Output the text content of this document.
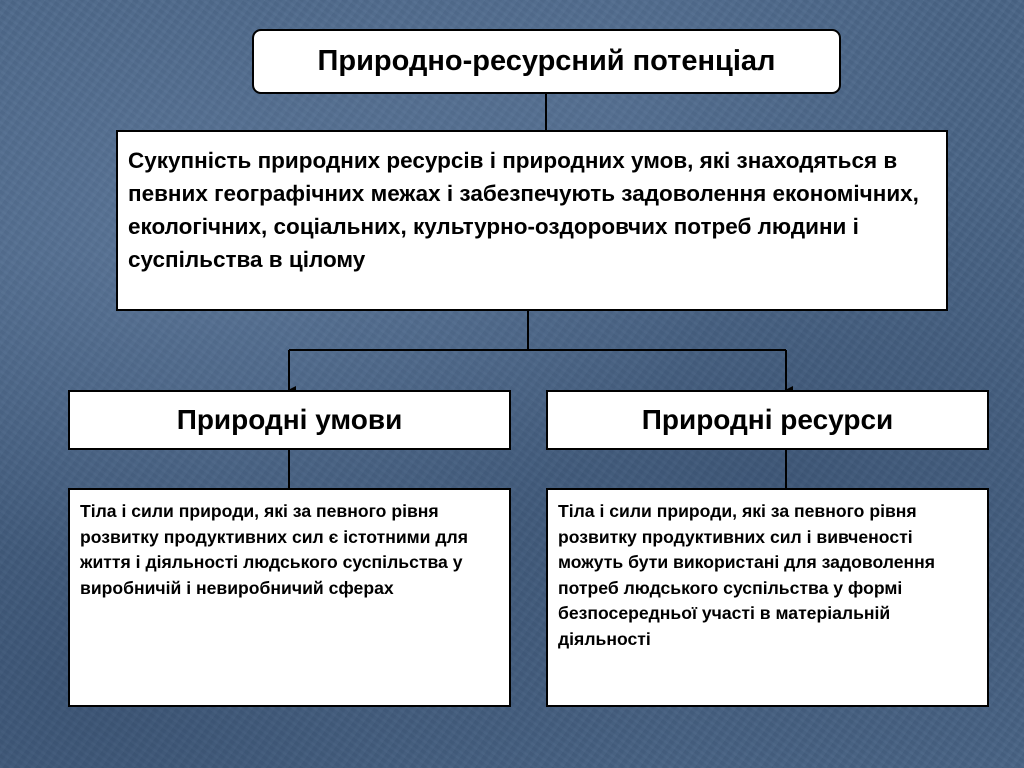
Природно-ресурсний потенціал
Сукупність природних ресурсів і природних умов, які знаходяться в певних географічних межах і забезпечують задоволення економічних, екологічних, соціальних, культурно-оздоровчих потреб людини і суспільства в цілому
Природні умови	Природні ресурси
Тіла і сили природи, які за певного рівня розвитку продуктивних сил є істотними для життя і діяльності людського суспільства у виробничій і невиробничий сферах
Тіла і сили природи, які за певного рівня розвитку продуктивних сил і вивченості можуть бути використані для задоволення потреб людського суспільства у формі безпосередньої участі в матеріальній діяльності
